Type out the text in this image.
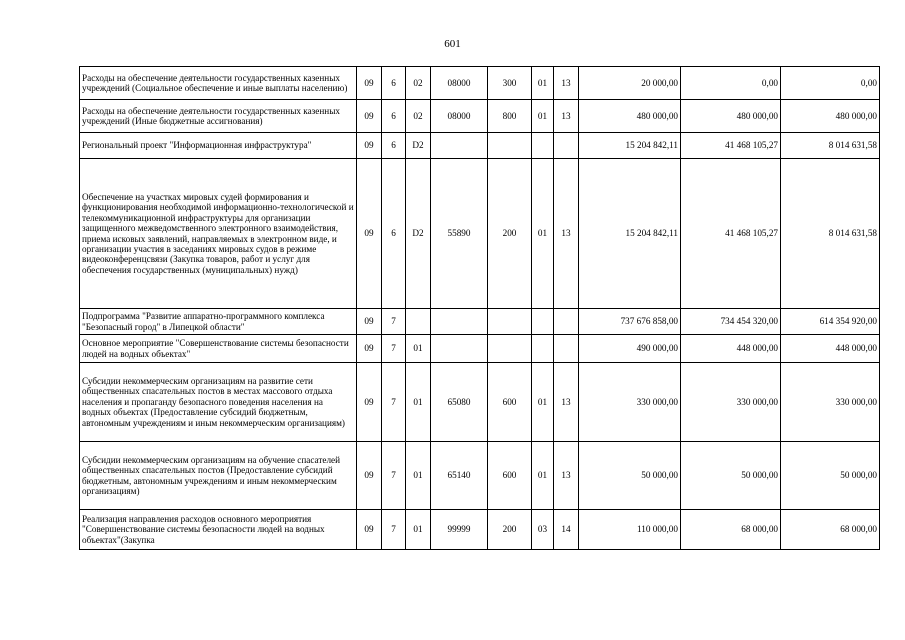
601
Расходы на обеспечение деятельности государственных казенных учреждений (Социальное обеспечение и иные выплаты населению)	09	6	02	08000	300	01	13	20 000,00	0,00	0,00
Расходы на обеспечение деятельности государственных казенных учреждений (Иные бюджетные ассигнования)	09	6	02	08000	800	01	13	480 000,00	480 000,00	480 000,00
Региональный проект "Информационная инфраструктура"	09	6	D2					15 204 842,11	41 468 105,27	8 014 631,58
Обеспечение на участках мировых судей формирования и функционирования необходимой информационно-технологической и телекоммуникационной инфраструктуры для организации защищенного межведомственного электронного взаимодействия, приема исковых заявлений, направляемых в электронном виде, и организации участия в заседаниях мировых судов в режиме видеоконференцсвязи (Закупка товаров, работ и услуг для обеспечения государственных (муниципальных) нужд)	09	6	D2	55890	200	01	13	15 204 842,11	41 468 105,27	8 014 631,58
Подпрограмма "Развитие аппаратно-программного комплекса "Безопасный город" в Липецкой области"	09	7						737 676 858,00	734 454 320,00	614 354 920,00
Основное мероприятие "Совершенствование системы безопасности людей на водных объектах"	09	7	01					490 000,00	448 000,00	448 000,00
Субсидии некоммерческим организациям на развитие сети общественных спасательных постов в местах массового отдыха населения и пропаганду безопасного поведения населения на водных объектах (Предоставление субсидий бюджетным, автономным учреждениям и иным некоммерческим организациям)	09	7	01	65080	600	01	13	330 000,00	330 000,00	330 000,00
Субсидии некоммерческим организациям на обучение спасателей общественных спасательных постов (Предоставление субсидий бюджетным, автономным учреждениям и иным некоммерческим организациям)	09	7	01	65140	600	01	13	50 000,00	50 000,00	50 000,00
Реализация направления расходов основного мероприятия "Совершенствование системы безопасности людей на водных объектах"(Закупка	09	7	01	99999	200	03	14	110 000,00	68 000,00	68 000,00
